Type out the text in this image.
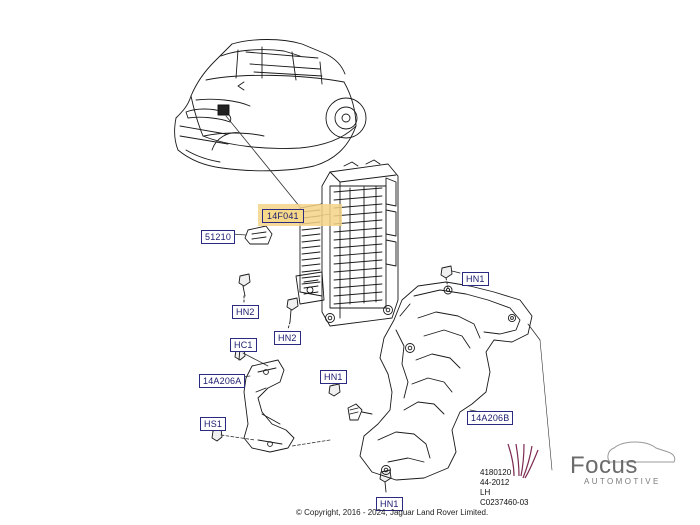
14F041
51210
HN2
HN2
HC1
14A206A
HS1
HN1
HN1
14A206B
HN1
4180120
44-2012
LH
C0237460-03
Focus
AUTOMOTIVE
© Copyright, 2016 - 2024, Jaguar Land Rover Limited.
